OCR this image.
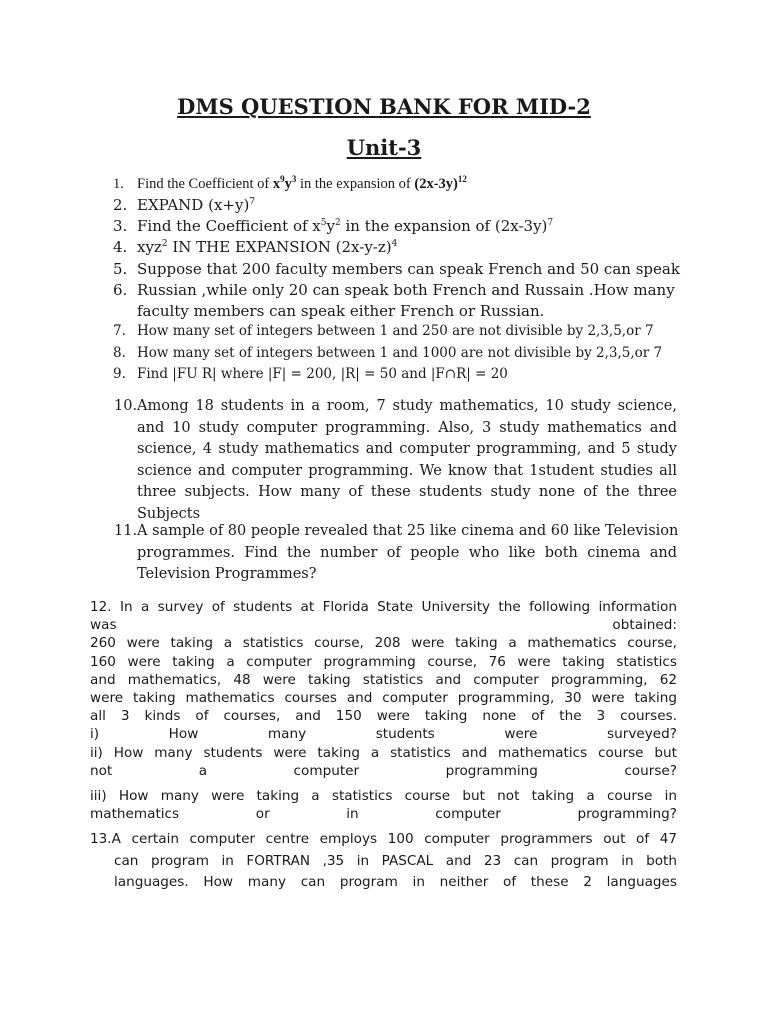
DMS QUESTION BANK FOR MID-2
Unit-3
1. Find the Coefficient of $x^9y^3$ in the expansion of $(2x-3y)^{12}$
2. EXPAND $(x+y)^7$
3. Find the Coefficient of $x^5y^2$ in the expansion of $(2x-3y)^7$
4. xyz$^2$ IN THE EXPANSION $(2x-y-z)^4$
5. Suppose that 200 faculty members can speak French and 50 can speak
6. Russian ,while only 20 can speak both French and Russain .How many
faculty members can speak either French or Russian.
7. How many set of integers between 1 and 250 are not divisible by 2,3,5,or 7
8. How many set of integers between 1 and 1000 are not divisible by 2,3,5,or 7
9. Find |FU R| where |F| = 200, |R| = 50 and |F∩R| = 20
10.Among 18 students in a room, 7 study mathematics, 10 study science,
and 10 study computer programming. Also, 3 study mathematics and
science, 4 study mathematics and computer programming, and 5 study
science and computer programming. We know that 1student studies all
three subjects. How many of these students study none of the three
Subjects
11.A sample of 80 people revealed that 25 like cinema and 60 like Television
programmes. Find the number of people who like both cinema and
Television Programmes?
12. In a survey of students at Florida State University the following information
was obtained:
260 were taking a statistics course, 208 were taking a mathematics course,
160 were taking a computer programming course, 76 were taking statistics
and mathematics, 48 were taking statistics and computer programming, 62
were taking mathematics courses and computer programming, 30 were taking
all 3 kinds of courses, and 150 were taking none of the 3 courses.
i) How many students were surveyed?
ii) How many students were taking a statistics and mathematics course but
not a computer programming course?
iii) How many were taking a statistics course but not taking a course in
mathematics or in computer programming?
13.A certain computer centre employs 100 computer programmers out of 47
can program in FORTRAN ,35 in PASCAL and 23 can program in both
languages. How many can program in neither of these 2 languages
